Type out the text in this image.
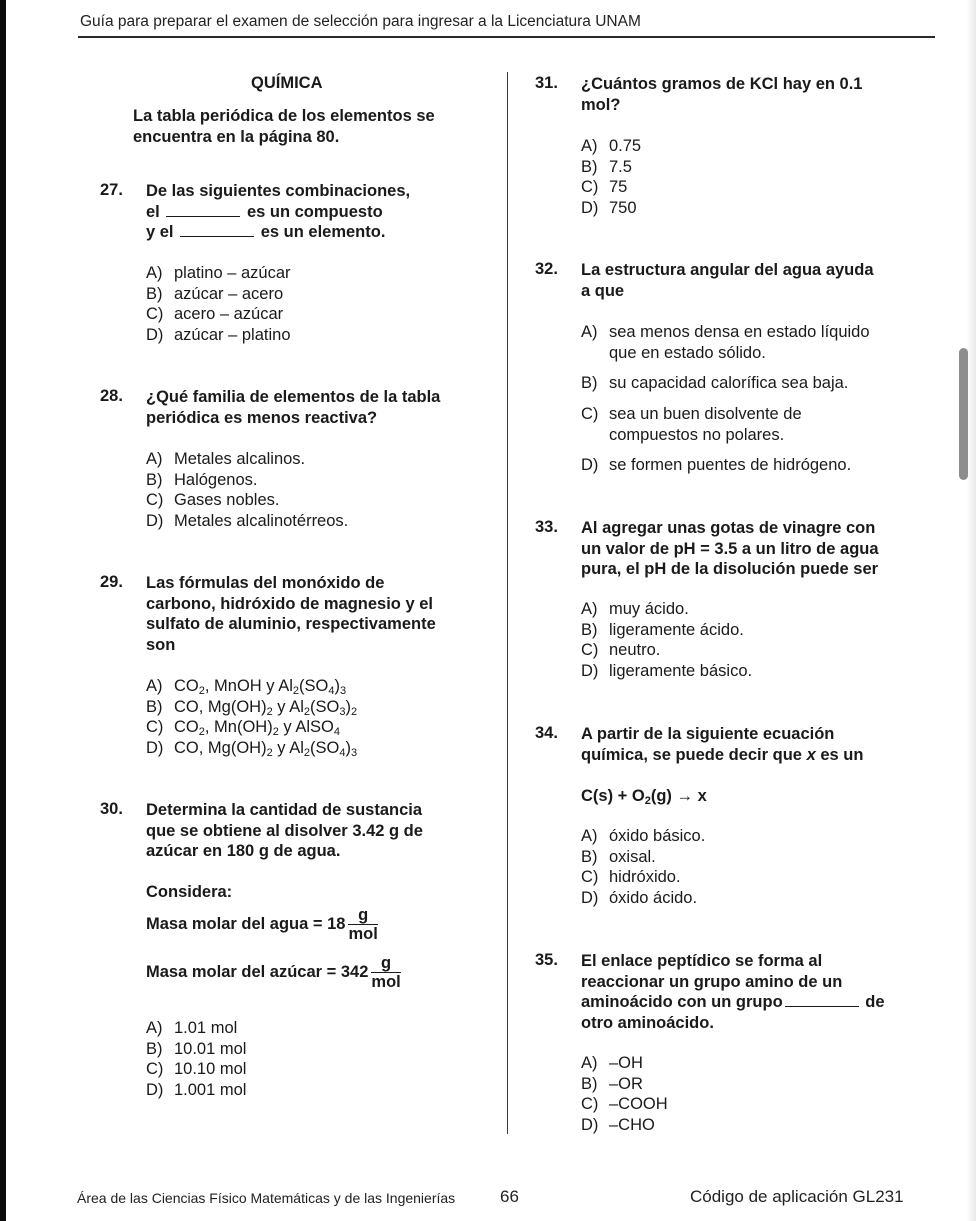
Guía para preparar el examen de selección para ingresar a la Licenciatura UNAM
QUÍMICA
La tabla periódica de los elementos se
encuentra en la página 80.
27. De las siguientes combinaciones,
el	es un compuesto
y el	es un elemento.
A) platino – azúcar
B) azúcar – acero
C) acero – azúcar
D) azúcar – platino
28. ¿Qué familia de elementos de la tabla
periódica es menos reactiva?
A) Metales alcalinos.
B) Halógenos.
C) Gases nobles.
D) Metales alcalinotérreos.
29. Las fórmulas del monóxido de
carbono, hidróxido de magnesio y el
sulfato de aluminio, respectivamente
son
A) $CO_2$, MnOH y $Al_2(SO_4)_3$
B) CO, $Mg(OH)_2$ y $Al_2(SO_3)_2$
C) $CO_2$, $Mn(OH)_2$ y AlSO$_4$
D) CO, $Mg(OH)_2$ y $Al_2(SO_4)_3$
30. Determina la cantidad de sustancia
que se obtiene al disolver 3.42 g de
azúcar en 180 g de agua.
Considera:
Masa molar del agua = $18 \frac{g}{\text{mol}}$
Masa molar del azúcar = $342 \frac{g}{\text{mol}}$
A) 1.01 mol
B) 10.01 mol
C) 10.10 mol
D) 1.001 mol
31. ¿Cuántos gramos de KCl hay en 0.1
mol?
A) 0.75
B) 7.5
C) 75
D) 750
32. La estructura angular del agua ayuda
a que
A) sea menos densa en estado líquido
que en estado sólido.
B) su capacidad calorífica sea baja.
C) sea un buen disolvente de
compuestos no polares.
D) se formen puentes de hidrógeno.
33. Al agregar unas gotas de vinagre con
un valor de pH = 3.5 a un litro de agua
pura, el pH de la disolución puede ser
A) muy ácido.
B) ligeramente ácido.
C) neutro.
D) ligeramente básico.
34. A partir de la siguiente ecuación
química, se puede decir que x es un
$C(s) + O_2(g) \to x$
A) óxido básico.
B) oxisal.
C) hidróxido.
D) óxido ácido.
35. El enlace peptídico se forma al
reaccionar un grupo amino de un
aminoácido con un grupo	de
otro aminoácido.
A) –OH
B) –OR
C) –COOH
D) –CHO
Área de las Ciencias Físico Matemáticas y de las Ingenierías	66	Código de aplicación GL231
